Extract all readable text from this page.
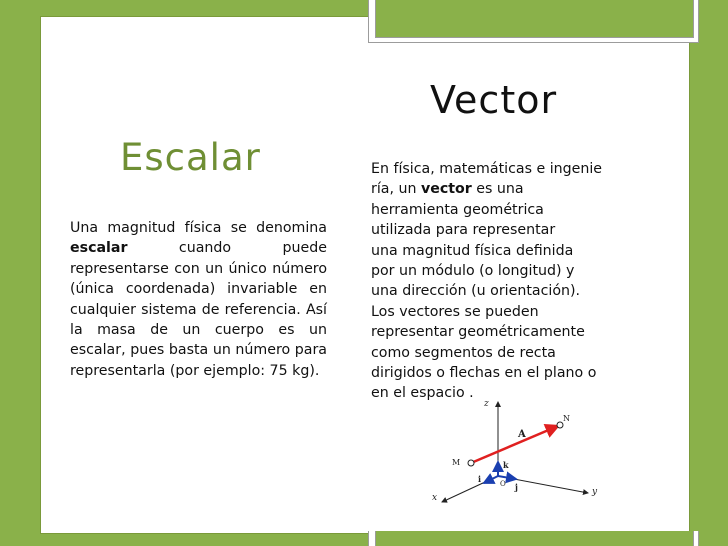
Vector
Escalar

Una magnitud física se denomina escalar cuando puede representarse con un único número (única coordenada) invariable en cualquier sistema de referencia. Así la masa de un cuerpo es un escalar, pues basta un número para representarla (por ejemplo: 75 kg).

En física, matemáticas e ingenie
ría, un vector es una
herramienta geométrica
utilizada para representar
una magnitud física definida
por un módulo (o longitud) y
una dirección (u orientación).
Los vectores se pueden
representar geométricamente
como segmentos de recta
dirigidos o flechas en el plano o
en el espacio .
z
y
x
M
N
A
k
j
i	O
